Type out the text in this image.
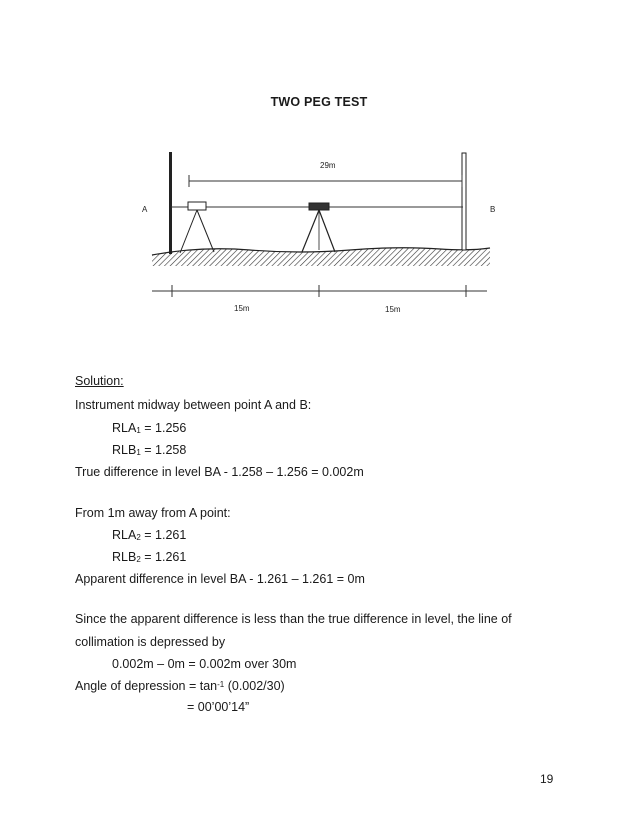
TWO PEG TEST
A	B
29m
15m	15m
Solution:
Instrument midway between point A and B:
RLA1 = 1.256
RLB1 = 1.258
True difference in level BA - 1.258 – 1.256 = 0.002m
From 1m away from A point:
RLA2 = 1.261
RLB2 = 1.261
Apparent difference in level BA - 1.261 – 1.261 = 0m
Since the apparent difference is less than the true difference in level, the line of
collimation is depressed by
0.002m – 0m = 0.002m over 30m
Angle of depression = $\tan^{-1} (0.002/30)$
= 00’00’14”
19
